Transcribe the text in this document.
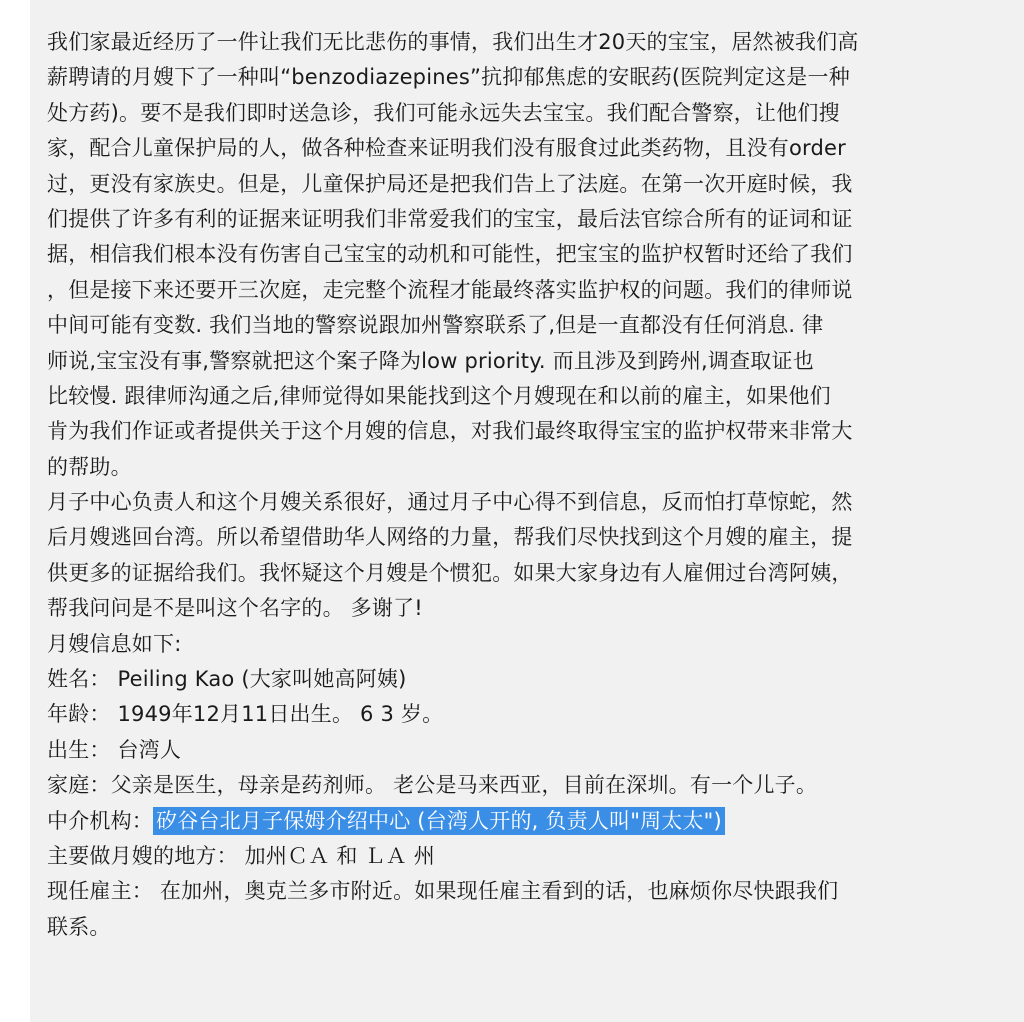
我们家最近经历了一件让我们无比悲伤的事情，我们出生才20天的宝宝，居然被我们高
薪聘请的月嫂下了一种叫“benzodiazepines”抗抑郁焦虑的安眠药(医院判定这是一种
处方药)。要不是我们即时送急诊，我们可能永远失去宝宝。我们配合警察，让他们搜
家，配合儿童保护局的人，做各种检查来证明我们没有服食过此类药物，且没有order
过，更没有家族史。但是，儿童保护局还是把我们告上了法庭。在第一次开庭时候，我
们提供了许多有利的证据来证明我们非常爱我们的宝宝，最后法官综合所有的证词和证
据，相信我们根本没有伤害自己宝宝的动机和可能性，把宝宝的监护权暂时还给了我们
，但是接下来还要开三次庭，走完整个流程才能最终落实监护权的问题。我们的律师说
中间可能有变数. 我们当地的警察说跟加州警察联系了,但是一直都没有任何消息. 律
师说,宝宝没有事,警察就把这个案子降为low priority. 而且涉及到跨州,调查取证也
比较慢. 跟律师沟通之后,律师觉得如果能找到这个月嫂现在和以前的雇主，如果他们
肯为我们作证或者提供关于这个月嫂的信息，对我们最终取得宝宝的监护权带来非常大
的帮助。
月子中心负责人和这个月嫂关系很好，通过月子中心得不到信息，反而怕打草惊蛇，然
后月嫂逃回台湾。所以希望借助华人网络的力量，帮我们尽快找到这个月嫂的雇主，提
供更多的证据给我们。我怀疑这个月嫂是个惯犯。如果大家身边有人雇佣过台湾阿姨，
帮我问问是不是叫这个名字的。 多谢了!
月嫂信息如下:
姓名： Peiling Kao (大家叫她高阿姨)
年龄： 1949年12月11日出生。 6 3 岁。
出生： 台湾人
家庭：父亲是医生，母亲是药剂师。 老公是马来西亚，目前在深圳。有一个儿子。
中介机构： 矽谷台北月子保姆介绍中心 (台湾人开的, 负责人叫"周太太")
主要做月嫂的地方： 加州ＣＡ 和 ＬＡ 州
现任雇主： 在加州，奥克兰多市附近。如果现任雇主看到的话，也麻烦你尽快跟我们
联系。
